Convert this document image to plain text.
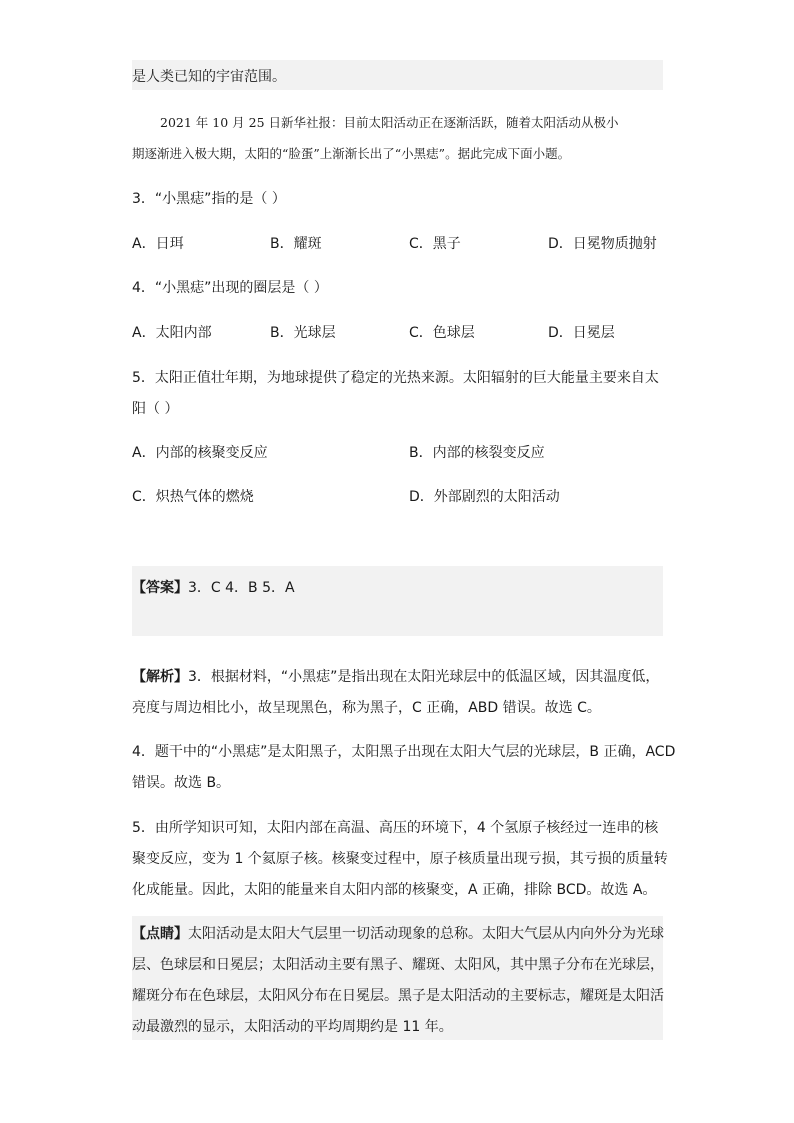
是人类已知的宇宙范围。
2021 年 10 月 25 日新华社报：目前太阳活动正在逐渐活跃，随着太阳活动从极小
期逐渐进入极大期，太阳的“脸蛋”上渐渐长出了“小黑痣”。据此完成下面小题。
3．“小黑痣”指的是（ ）
A．日珥	B．耀斑	C．黑子	D．日冕物质抛射
4．“小黑痣”出现的圈层是（ ）
A．太阳内部	B．光球层	C．色球层	D．日冕层
5．太阳正值壮年期，为地球提供了稳定的光热来源。太阳辐射的巨大能量主要来自太
阳（ ）
A．内部的核聚变反应	B．内部的核裂变反应
C．炽热气体的燃烧	D．外部剧烈的太阳活动
【答案】3．C 4．B 5．A
【解析】3．根据材料，“小黑痣”是指出现在太阳光球层中的低温区域，因其温度低，
亮度与周边相比小，故呈现黑色，称为黑子，C 正确，ABD 错误。故选 C。
4．题干中的“小黑痣”是太阳黑子，太阳黑子出现在太阳大气层的光球层，B 正确，ACD
错误。故选 B。
5．由所学知识可知，太阳内部在高温、高压的环境下，4 个氢原子核经过一连串的核
聚变反应，变为 1 个氦原子核。核聚变过程中，原子核质量出现亏损，其亏损的质量转
化成能量。因此，太阳的能量来自太阳内部的核聚变，A 正确，排除 BCD。故选 A。
【点睛】太阳活动是太阳大气层里一切活动现象的总称。太阳大气层从内向外分为光球
层、色球层和日冕层；太阳活动主要有黑子、耀斑、太阳风，其中黑子分布在光球层，
耀斑分布在色球层，太阳风分布在日冕层。黑子是太阳活动的主要标志，耀斑是太阳活
动最激烈的显示，太阳活动的平均周期约是 11 年。
